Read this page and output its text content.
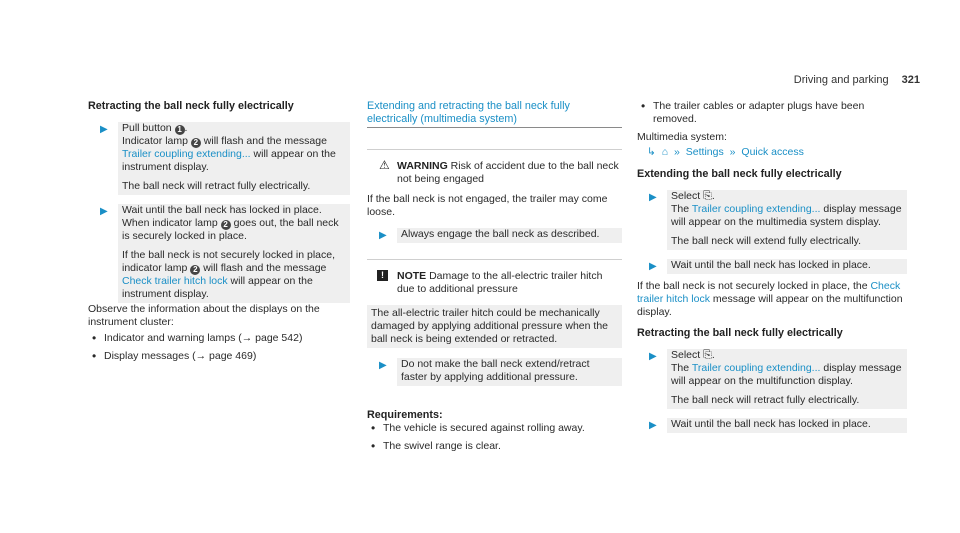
Driving and parking 321
Retracting the ball neck fully electrically
▶ Pull button 1 .
Indicator lamp 2 will flash and the message Trailer coupling extending... will appear on the instrument display.

The ball neck will retract fully electrically.

▶ Wait until the ball neck has locked in place. When indicator lamp 2 goes out, the ball neck is securely locked in place.

If the ball neck is not securely locked in place, indicator lamp 2 will flash and the message Check trailer hitch lock will appear on the instrument display.

Observe the information about the displays on the instrument cluster:

• Indicator and warning lamps (→ page 542)
• Display messages (→ page 469)
Extending and retracting the ball neck fully electrically (multimedia system)
⚠ WARNING Risk of accident due to the ball neck not being engaged

If the ball neck is not engaged, the trailer may come loose.

▶ Always engage the ball neck as described.

!	NOTE Damage to the all-electric trailer hitch due to additional pressure

The all-electric trailer hitch could be mechanically damaged by applying additional pressure when the ball neck is being extended or retracted.

▶ Do not make the ball neck extend/retract faster by applying additional pressure.

Requirements:
• The vehicle is secured against rolling away.
• The swivel range is clear.
• The trailer cables or adapter plugs have been removed.

Multimedia system:

↳ ⌂ » Settings » Quick access
Extending the ball neck fully electrically
▶ Select ⎘.
The Trailer coupling extending... display message will appear on the multimedia system display.

The ball neck will extend fully electrically.

▶ Wait until the ball neck has locked in place.

If the ball neck is not securely locked in place, the Check trailer hitch lock message will appear on the multifunction display.

Retracting the ball neck fully electrically
▶ Select ⎘.
The Trailer coupling extending... display message will appear on the multifunction display.

The ball neck will retract fully electrically.

▶ Wait until the ball neck has locked in place.
